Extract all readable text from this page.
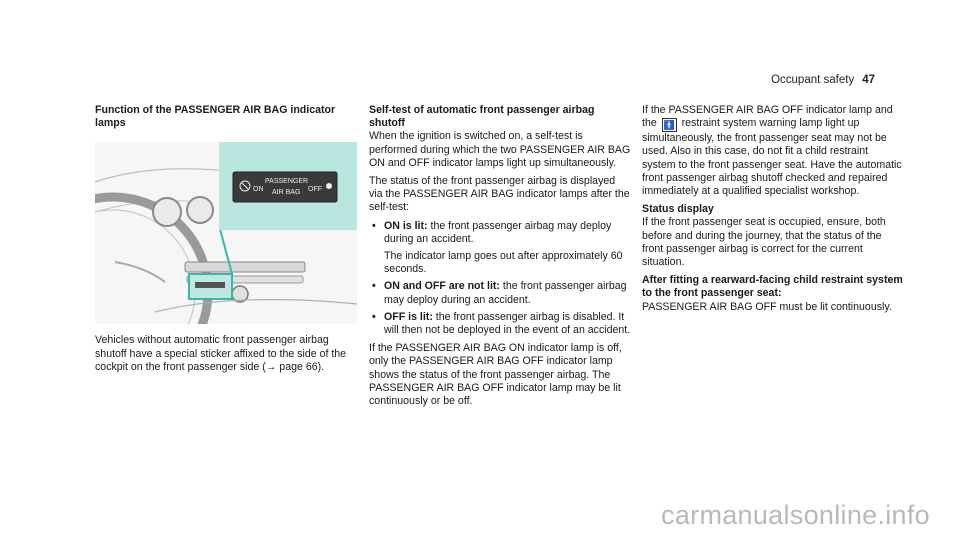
Occupant safety 47

Function of the PASSENGER AIR BAG indicator lamps

ON
PASSENGER
AIR BAG OFF

Vehicles without automatic front passenger airbag shutoff have a special sticker affixed to the side of the cockpit on the front passenger side (→ page 66).

Self-test of automatic front passenger airbag shutoff

When the ignition is switched on, a self-test is performed during which the two PASSENGER AIR BAG ON and OFF indicator lamps light up simultaneously.

The status of the front passenger airbag is displayed via the PASSENGER AIR BAG indicator lamps after the self-test:

• ON is lit: the front passenger airbag may deploy during an accident.
The indicator lamp goes out after approximately 60 seconds.
• ON and OFF are not lit: the front passenger airbag may deploy during an accident.
• OFF is lit: the front passenger airbag is disabled. It will then not be deployed in the event of an accident.

If the PASSENGER AIR BAG ON indicator lamp is off, only the PASSENGER AIR BAG OFF indicator lamp shows the status of the front passenger airbag. The PASSENGER AIR BAG OFF indicator lamp may be lit continuously or be off.

If the PASSENGER AIR BAG OFF indicator lamp and the 🚹 restraint system warning lamp light up simultaneously, the front passenger seat may not be used. Also in this case, do not fit a child restraint system to the front passenger seat. Have the automatic front passenger airbag shutoff checked and repaired immediately at a qualified specialist workshop.

Status display

If the front passenger seat is occupied, ensure, both before and during the journey, that the status of the front passenger airbag is correct for the current situation.

After fitting a rearward-facing child restraint system to the front passenger seat:

PASSENGER AIR BAG OFF must be lit continuously.

carmanualsonline.info
